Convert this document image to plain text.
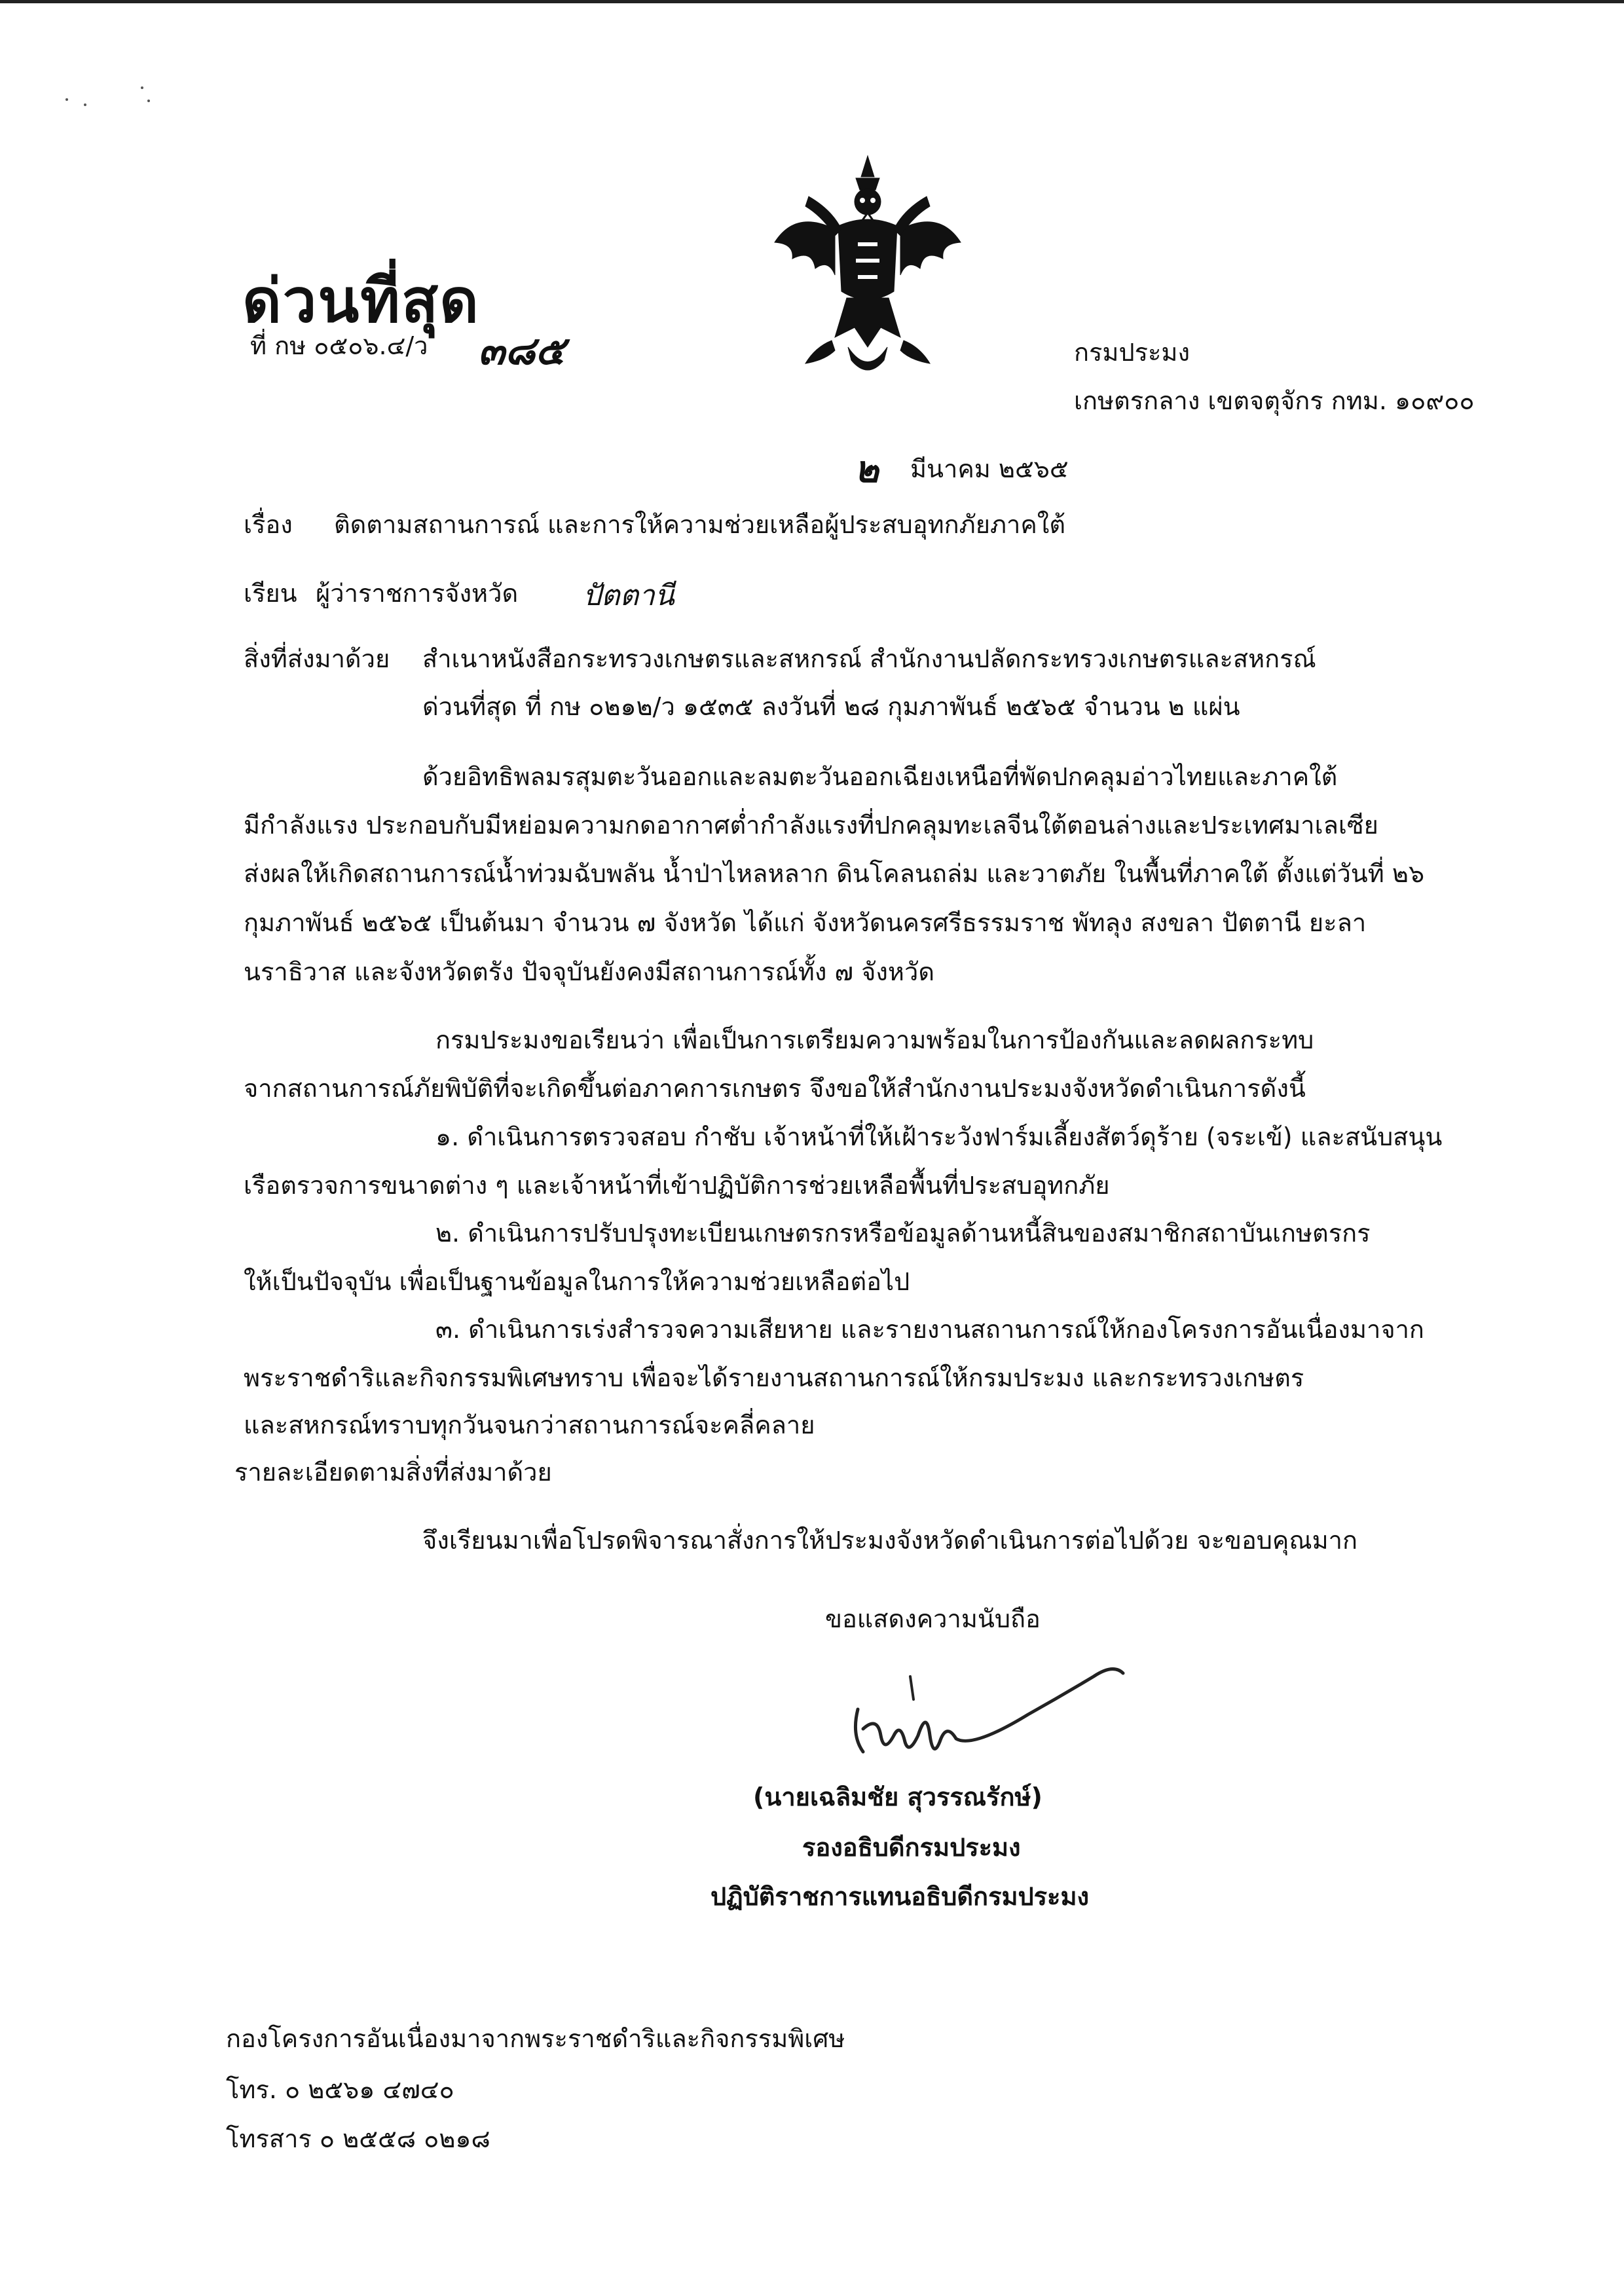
ด่วนที่สุด
ที่ กษ ๐๕๐๖.๔/ว ๓๘๕	กรมประมง
เกษตรกลาง เขตจตุจักร กทม. ๑๐๙๐๐
๒ มีนาคม ๒๕๖๕
เรื่อง ติดตามสถานการณ์ และการให้ความช่วยเหลือผู้ประสบอุทกภัยภาคใต้
เรียน ผู้ว่าราชการจังหวัด ปัตตานี
สิ่งที่ส่งมาด้วย สำเนาหนังสือกระทรวงเกษตรและสหกรณ์ สำนักงานปลัดกระทรวงเกษตรและสหกรณ์
ด่วนที่สุด ที่ กษ ๐๒๑๒/ว ๑๕๓๕ ลงวันที่ ๒๘ กุมภาพันธ์ ๒๕๖๕ จำนวน ๒ แผ่น
ด้วยอิทธิพลมรสุมตะวันออกและลมตะวันออกเฉียงเหนือที่พัดปกคลุมอ่าวไทยและภาคใต้
มีกำลังแรง ประกอบกับมีหย่อมความกดอากาศต่ำกำลังแรงที่ปกคลุมทะเลจีนใต้ตอนล่างและประเทศมาเลเซีย
ส่งผลให้เกิดสถานการณ์น้ำท่วมฉับพลัน น้ำป่าไหลหลาก ดินโคลนถล่ม และวาตภัย ในพื้นที่ภาคใต้ ตั้งแต่วันที่ ๒๖
กุมภาพันธ์ ๒๕๖๕ เป็นต้นมา จำนวน ๗ จังหวัด ได้แก่ จังหวัดนครศรีธรรมราช พัทลุง สงขลา ปัตตานี ยะลา
นราธิวาส และจังหวัดตรัง ปัจจุบันยังคงมีสถานการณ์ทั้ง ๗ จังหวัด
กรมประมงขอเรียนว่า เพื่อเป็นการเตรียมความพร้อมในการป้องกันและลดผลกระทบ
จากสถานการณ์ภัยพิบัติที่จะเกิดขึ้นต่อภาคการเกษตร จึงขอให้สำนักงานประมงจังหวัดดำเนินการดังนี้
๑. ดำเนินการตรวจสอบ กำชับ เจ้าหน้าที่ให้เฝ้าระวังฟาร์มเลี้ยงสัตว์ดุร้าย (จระเข้) และสนับสนุน
เรือตรวจการขนาดต่าง ๆ และเจ้าหน้าที่เข้าปฏิบัติการช่วยเหลือพื้นที่ประสบอุทกภัย
๒. ดำเนินการปรับปรุงทะเบียนเกษตรกรหรือข้อมูลด้านหนี้สินของสมาชิกสถาบันเกษตรกร
ให้เป็นปัจจุบัน เพื่อเป็นฐานข้อมูลในการให้ความช่วยเหลือต่อไป
๓. ดำเนินการเร่งสำรวจความเสียหาย และรายงานสถานการณ์ให้กองโครงการอันเนื่องมาจาก
พระราชดำริและกิจกรรมพิเศษทราบ เพื่อจะได้รายงานสถานการณ์ให้กรมประมง และกระทรวงเกษตร
และสหกรณ์ทราบทุกวันจนกว่าสถานการณ์จะคลี่คลาย
รายละเอียดตามสิ่งที่ส่งมาด้วย
จึงเรียนมาเพื่อโปรดพิจารณาสั่งการให้ประมงจังหวัดดำเนินการต่อไปด้วย จะขอบคุณมาก
ขอแสดงความนับถือ
(นายเฉลิมชัย สุวรรณรักษ์)
รองอธิบดีกรมประมง
ปฏิบัติราชการแทนอธิบดีกรมประมง
กองโครงการอันเนื่องมาจากพระราชดำริและกิจกรรมพิเศษ
โทร. ๐ ๒๕๖๑ ๔๗๔๐
โทรสาร ๐ ๒๕๕๘ ๐๒๑๘
